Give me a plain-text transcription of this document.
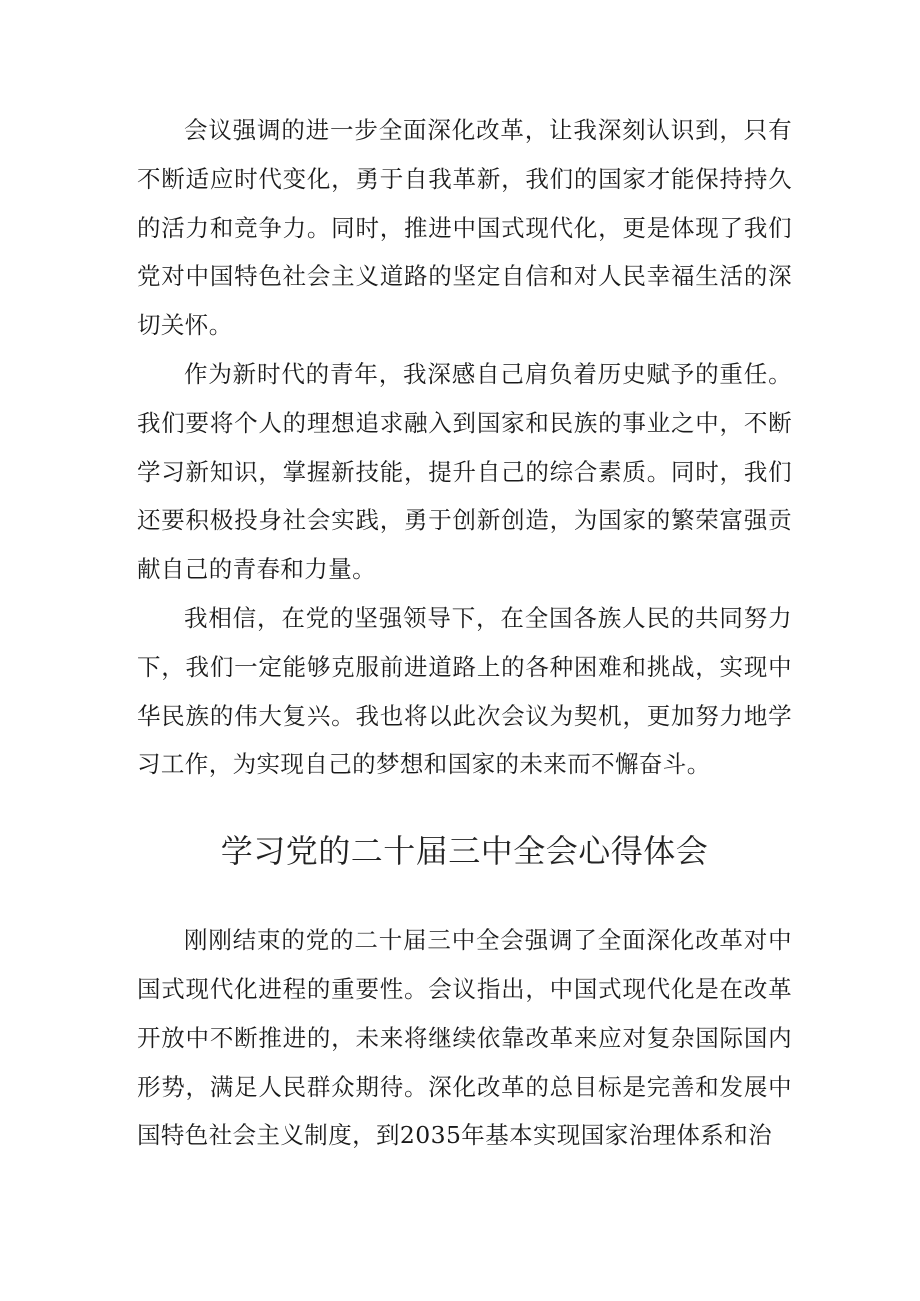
会议强调的进一步全面深化改革，让我深刻认识到，只有不断适应时代变化，勇于自我革新，我们的国家才能保持持久的活力和竞争力。同时，推进中国式现代化，更是体现了我们党对中国特色社会主义道路的坚定自信和对人民幸福生活的深切关怀。

作为新时代的青年，我深感自己肩负着历史赋予的重任。我们要将个人的理想追求融入到国家和民族的事业之中，不断学习新知识，掌握新技能，提升自己的综合素质。同时，我们还要积极投身社会实践，勇于创新创造，为国家的繁荣富强贡献自己的青春和力量。

我相信，在党的坚强领导下，在全国各族人民的共同努力下，我们一定能够克服前进道路上的各种困难和挑战，实现中华民族的伟大复兴。我也将以此次会议为契机，更加努力地学习工作，为实现自己的梦想和国家的未来而不懈奋斗。

学习党的二十届三中全会心得体会

刚刚结束的党的二十届三中全会强调了全面深化改革对中国式现代化进程的重要性。会议指出，中国式现代化是在改革开放中不断推进的，未来将继续依靠改革来应对复杂国际国内形势，满足人民群众期待。深化改革的总目标是完善和发展中国特色社会主义制度，到2035年基本实现国家治理体系和治
